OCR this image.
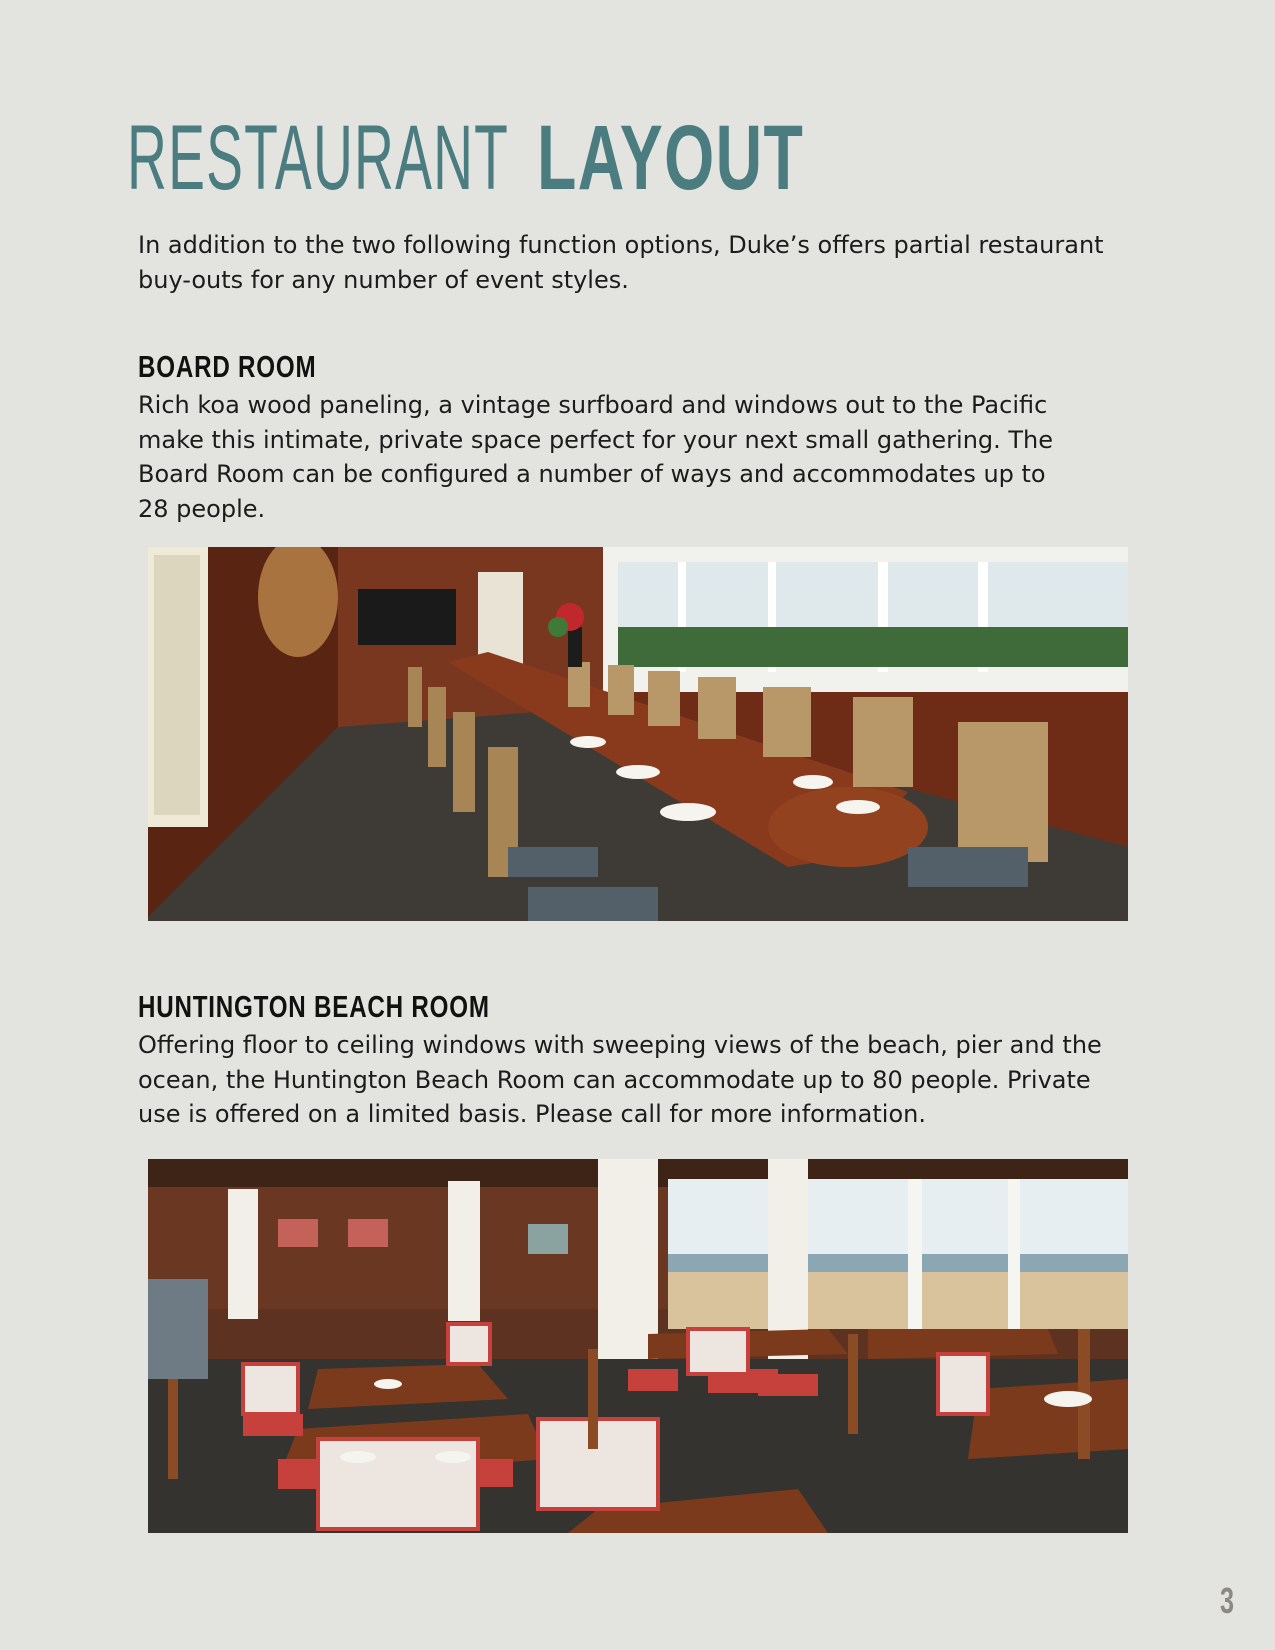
RESTAURANT LAYOUT

In addition to the two following function options, Duke’s offers partial restaurant buy-outs for any number of event styles.

BOARD ROOM

Rich koa wood paneling, a vintage surfboard and windows out to the Pacific make this intimate, private space perfect for your next small gathering. The Board Room can be configured a number of ways and accommodates up to 28 people.

HUNTINGTON BEACH ROOM

Offering floor to ceiling windows with sweeping views of the beach, pier and the ocean, the Huntington Beach Room can accommodate up to 80 people. Private use is offered on a limited basis. Please call for more information.

3
